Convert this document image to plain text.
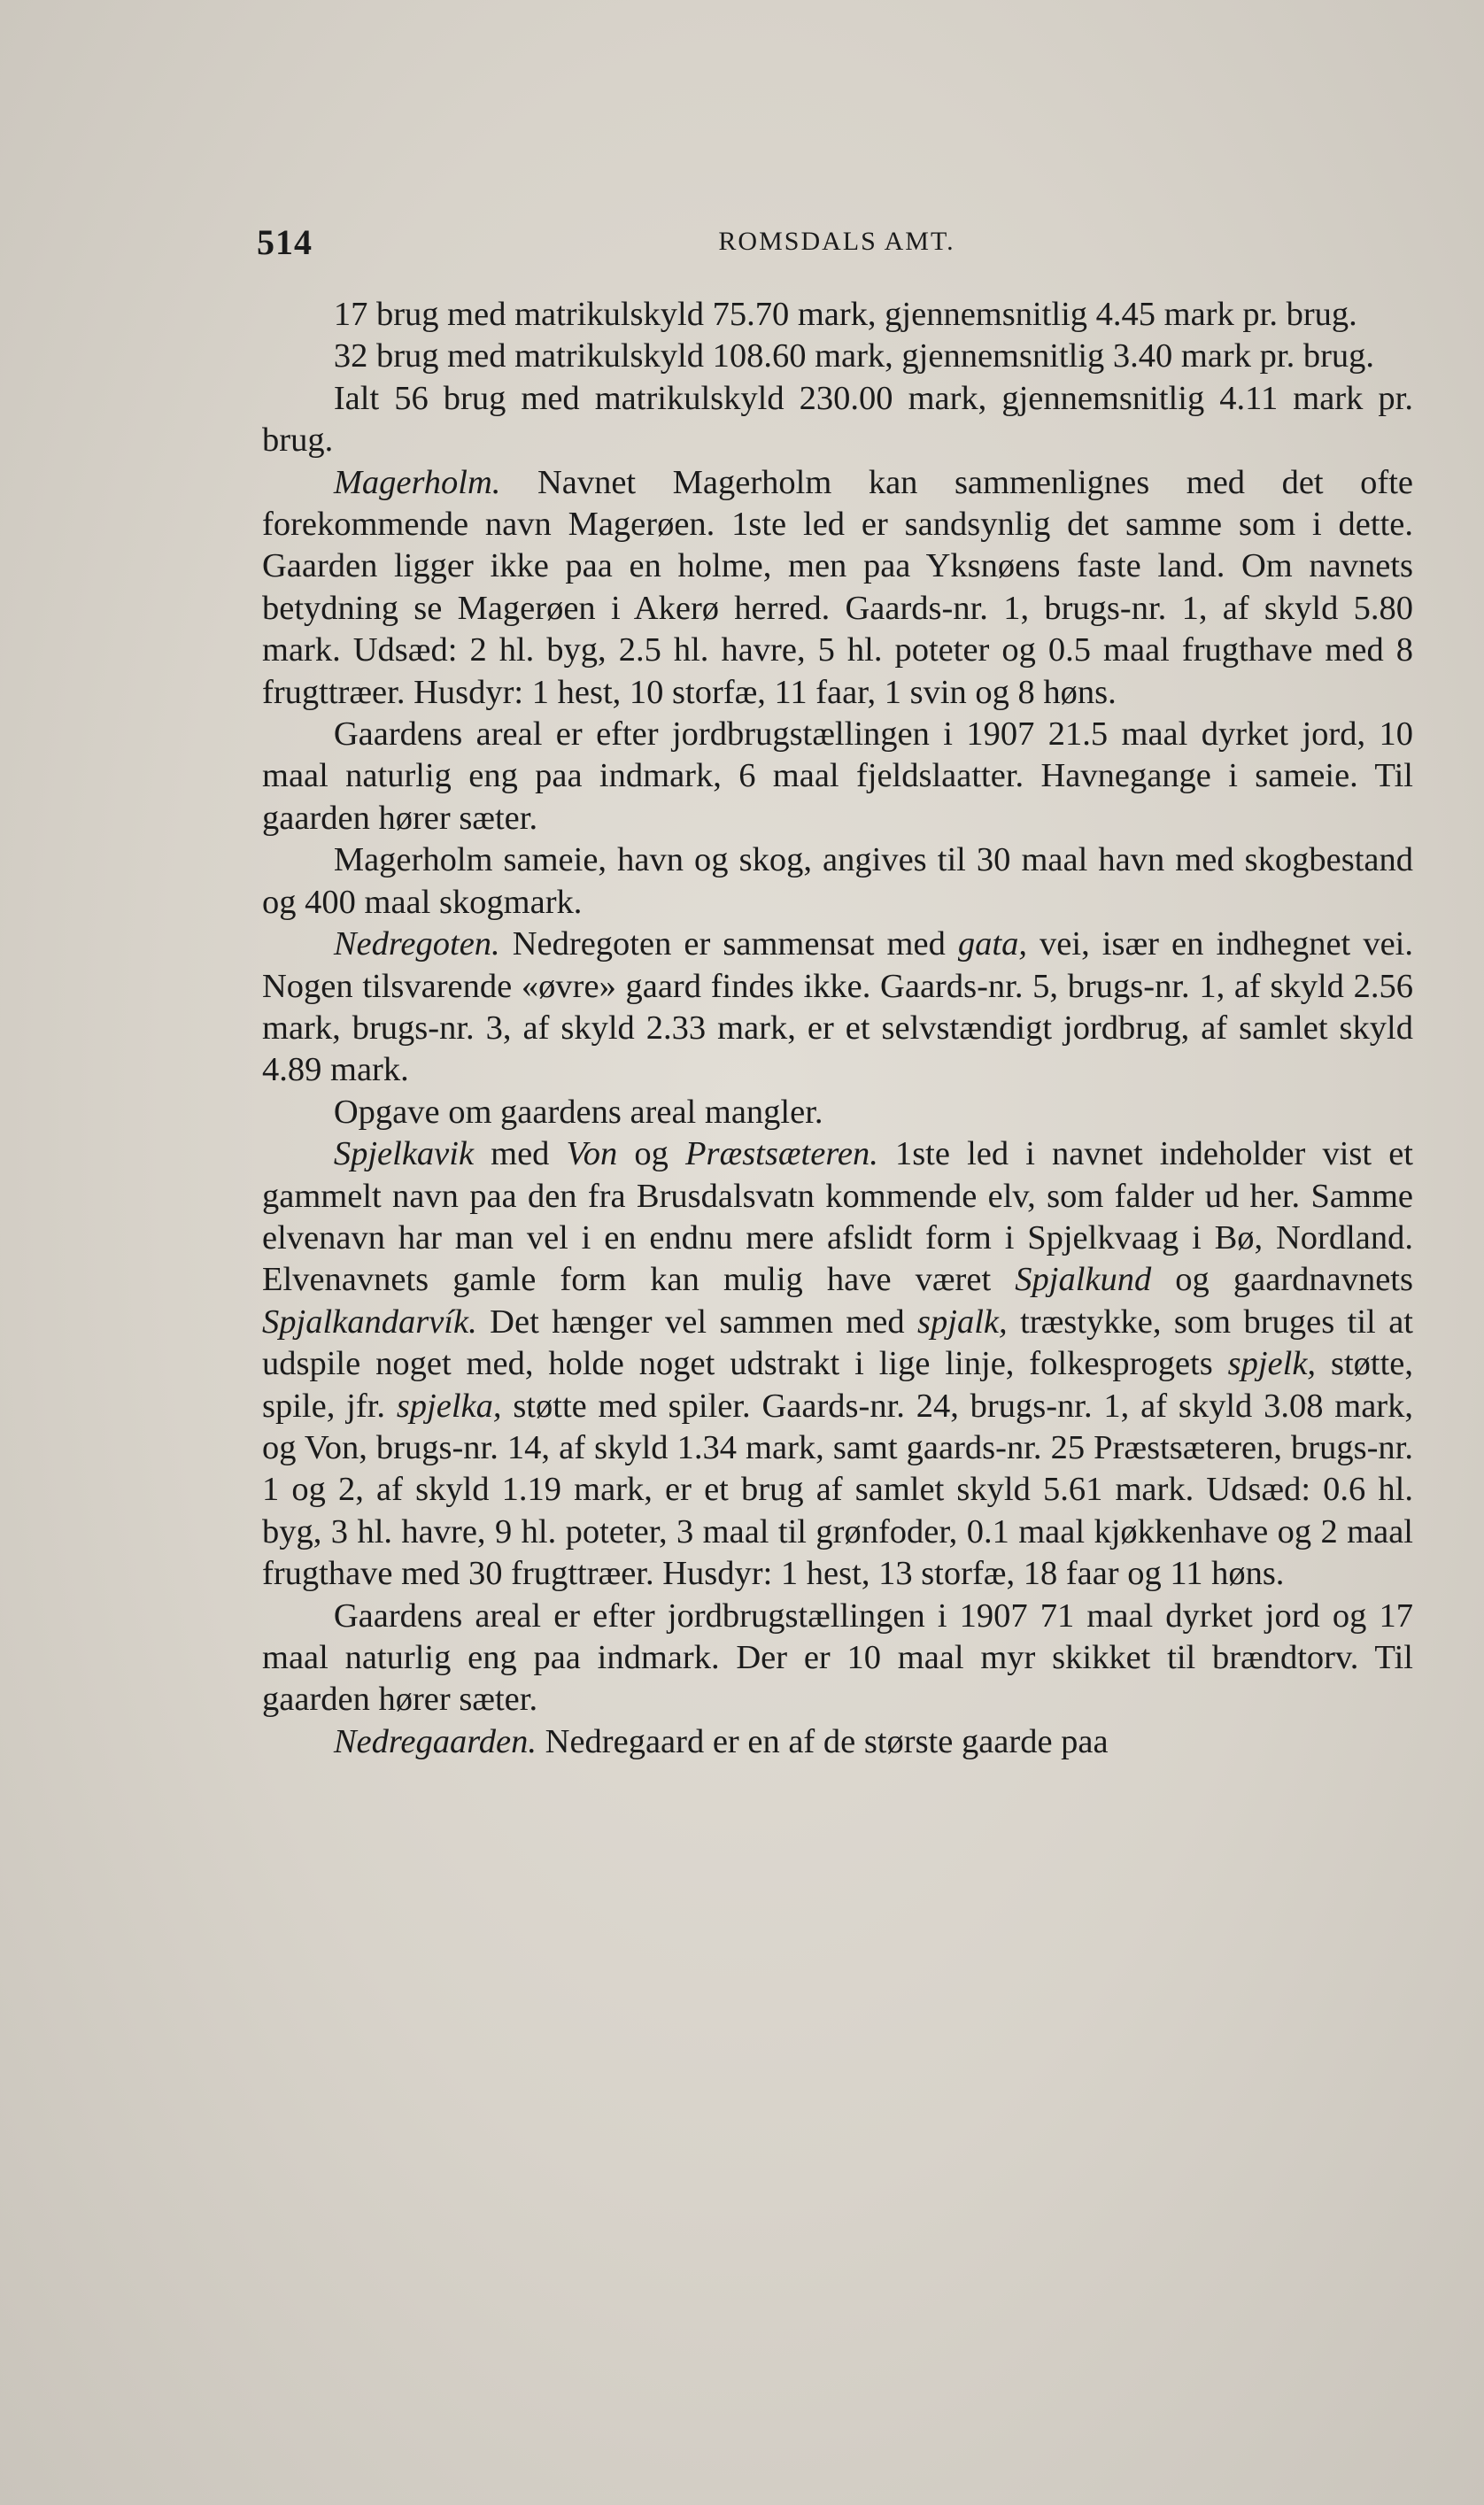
514	ROMSDALS AMT.

17 brug med matrikulskyld 75.70 mark, gjennemsnitlig 4.45 mark pr. brug.

32 brug med matrikulskyld 108.60 mark, gjennemsnitlig 3.40 mark pr. brug.

Ialt 56 brug med matrikulskyld 230.00 mark, gjennemsnitlig 4.11 mark pr. brug.

Magerholm. Navnet Magerholm kan sammenlignes med det ofte forekommende navn Magerøen. 1ste led er sandsynlig det samme som i dette. Gaarden ligger ikke paa en holme, men paa Yksnøens faste land. Om navnets betydning se Magerøen i Akerø herred. Gaards-nr. 1, brugs-nr. 1, af skyld 5.80 mark. Udsæd: 2 hl. byg, 2.5 hl. havre, 5 hl. poteter og 0.5 maal frugthave med 8 frugttræer. Husdyr: 1 hest, 10 storfæ, 11 faar, 1 svin og 8 høns.

Gaardens areal er efter jordbrugstællingen i 1907 21.5 maal dyrket jord, 10 maal naturlig eng paa indmark, 6 maal fjeldslaatter. Havnegange i sameie. Til gaarden hører sæter.

Magerholm sameie, havn og skog, angives til 30 maal havn med skogbestand og 400 maal skogmark.

Nedregoten. Nedregoten er sammensat med gata, vei, især en indhegnet vei. Nogen tilsvarende «øvre» gaard findes ikke. Gaards-nr. 5, brugs-nr. 1, af skyld 2.56 mark, brugs-nr. 3, af skyld 2.33 mark, er et selvstændigt jordbrug, af samlet skyld 4.89 mark.

Opgave om gaardens areal mangler.

Spjelkavik med Von og Præstsæteren. 1ste led i navnet indeholder vist et gammelt navn paa den fra Brusdalsvatn kommende elv, som falder ud her. Samme elvenavn har man vel i en endnu mere afslidt form i Spjelkvaag i Bø, Nordland. Elvenavnets gamle form kan mulig have været Spjalkund og gaardnavnets Spjalkandarvík. Det hænger vel sammen med spjalk, træstykke, som bruges til at udspile noget med, holde noget udstrakt i lige linje, folkesprogets spjelk, støtte, spile, jfr. spjelka, støtte med spiler. Gaards-nr. 24, brugs-nr. 1, af skyld 3.08 mark, og Von, brugs-nr. 14, af skyld 1.34 mark, samt gaards-nr. 25 Præstsæteren, brugs-nr. 1 og 2, af skyld 1.19 mark, er et brug af samlet skyld 5.61 mark. Udsæd: 0.6 hl. byg, 3 hl. havre, 9 hl. poteter, 3 maal til grønfoder, 0.1 maal kjøkkenhave og 2 maal frugthave med 30 frugttræer. Husdyr: 1 hest, 13 storfæ, 18 faar og 11 høns.

Gaardens areal er efter jordbrugstællingen i 1907 71 maal dyrket jord og 17 maal naturlig eng paa indmark. Der er 10 maal myr skikket til brændtorv. Til gaarden hører sæter.

Nedregaarden. Nedregaard er en af de største gaarde paa
